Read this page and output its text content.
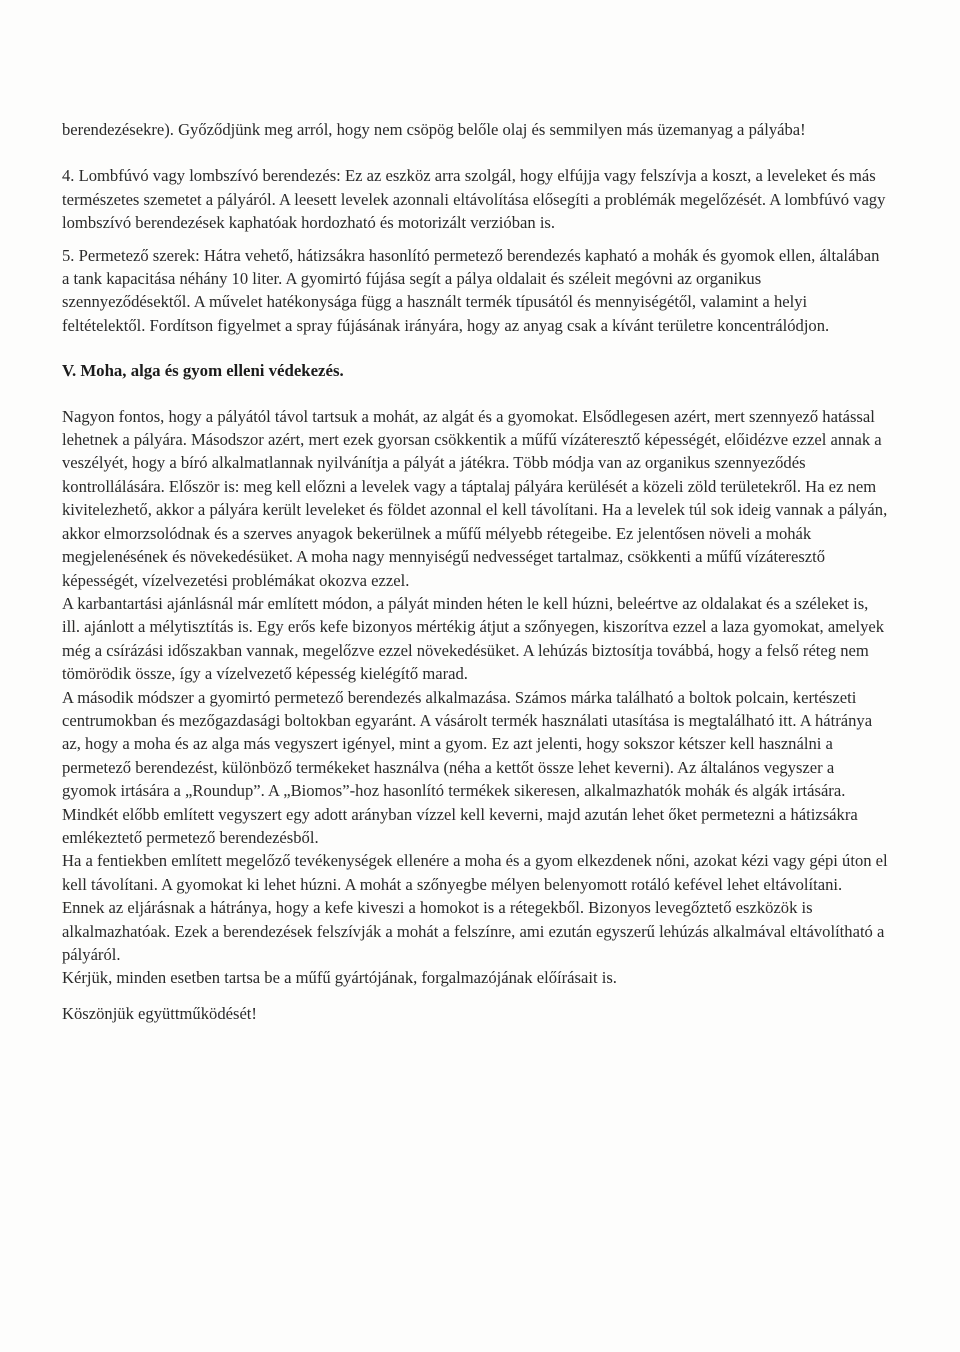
berendezésekre). Győződjünk meg arról, hogy nem csöpög belőle olaj és semmilyen más üzemanyag a pályába!

4. Lombfúvó vagy lombszívó berendezés: Ez az eszköz arra szolgál, hogy elfújja vagy felszívja a koszt, a leveleket és más természetes szemetet a pályáról. A leesett levelek azonnali eltávolítása elősegíti a problémák megelőzését. A lombfúvó vagy lombszívó berendezések kaphatóak hordozható és motorizált verzióban is.

5. Permetező szerek: Hátra vehető, hátizsákra hasonlító permetező berendezés kapható a mohák és gyomok ellen, általában a tank kapacitása néhány 10 liter. A gyomirtó fújása segít a pálya oldalait és széleit megóvni az organikus szennyeződésektől. A művelet hatékonysága függ a használt termék típusától és mennyiségétől, valamint a helyi feltételektől. Fordítson figyelmet a spray fújásának irányára, hogy az anyag csak a kívánt területre koncentrálódjon.

V. Moha, alga és gyom elleni védekezés.

Nagyon fontos, hogy a pályától távol tartsuk a mohát, az algát és a gyomokat. Elsődlegesen azért, mert szennyező hatással lehetnek a pályára. Másodszor azért, mert ezek gyorsan csökkentik a műfű vízáteresztő képességét, előidézve ezzel annak a veszélyét, hogy a bíró alkalmatlannak nyilvánítja a pályát a játékra. Több módja van az organikus szennyeződés kontrollálására. Először is: meg kell előzni a levelek vagy a táptalaj pályára kerülését a közeli zöld területekről. Ha ez nem kivitelezhető, akkor a pályára került leveleket és földet azonnal el kell távolítani. Ha a levelek túl sok ideig vannak a pályán, akkor elmorzsolódnak és a szerves anyagok bekerülnek a műfű mélyebb rétegeibe. Ez jelentősen növeli a mohák megjelenésének és növekedésüket. A moha nagy mennyiségű nedvességet tartalmaz, csökkenti a műfű vízáteresztő képességét, vízelvezetési problémákat okozva ezzel.

A karbantartási ajánlásnál már említett módon, a pályát minden héten le kell húzni, beleértve az oldalakat és a széleket is, ill. ajánlott a mélytisztítás is. Egy erős kefe bizonyos mértékig átjut a szőnyegen, kiszorítva ezzel a laza gyomokat, amelyek még a csírázási időszakban vannak, megelőzve ezzel növekedésüket. A lehúzás biztosítja továbbá, hogy a felső réteg nem tömörödik össze, így a vízelvezető képesség kielégítő marad.

A második módszer a gyomirtó permetező berendezés alkalmazása. Számos márka található a boltok polcain, kertészeti centrumokban és mezőgazdasági boltokban egyaránt. A vásárolt termék használati utasítása is megtalálható itt. A hátránya az, hogy a moha és az alga más vegyszert igényel, mint a gyom. Ez azt jelenti, hogy sokszor kétszer kell használni a permetező berendezést, különböző termékeket használva (néha a kettőt össze lehet keverni). Az általános vegyszer a gyomok irtására a „Roundup”. A „Biomos”-hoz hasonlító termékek sikeresen, alkalmazhatók mohák és algák irtására. Mindkét előbb említett vegyszert egy adott arányban vízzel kell keverni, majd azután lehet őket permetezni a hátizsákra emlékeztető permetező berendezésből.

Ha a fentiekben említett megelőző tevékenységek ellenére a moha és a gyom elkezdenek nőni, azokat kézi vagy gépi úton el kell távolítani. A gyomokat ki lehet húzni. A mohát a szőnyegbe mélyen belenyomott rotáló kefével lehet eltávolítani. Ennek az eljárásnak a hátránya, hogy a kefe kiveszi a homokot is a rétegekből. Bizonyos levegőztető eszközök is alkalmazhatóak. Ezek a berendezések felszívják a mohát a felszínre, ami ezután egyszerű lehúzás alkalmával eltávolítható a pályáról.

Kérjük, minden esetben tartsa be a műfű gyártójának, forgalmazójának előírásait is.

Köszönjük együttműködését!
